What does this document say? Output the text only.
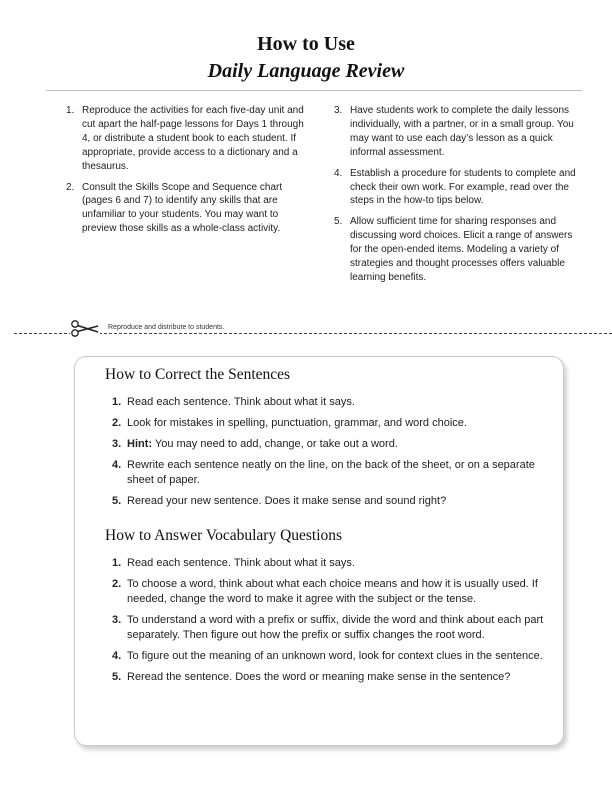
How to Use
Daily Language Review
1. Reproduce the activities for each five-day unit and cut apart the half-page lessons for Days 1 through 4, or distribute a student book to each student. If appropriate, provide access to a dictionary and a thesaurus.
2. Consult the Skills Scope and Sequence chart (pages 6 and 7) to identify any skills that are unfamiliar to your students. You may want to preview those skills as a whole-class activity.
3. Have students work to complete the daily lessons individually, with a partner, or in a small group. You may want to use each day’s lesson as a quick informal assessment.
4. Establish a procedure for students to complete and check their own work. For example, read over the steps in the how-to tips below.
5. Allow sufficient time for sharing responses and discussing word choices. Elicit a range of answers for the open-ended items. Modeling a variety of strategies and thought processes offers valuable learning benefits.
Reproduce and distribute to students.
How to Correct the Sentences
1. Read each sentence. Think about what it says.
2. Look for mistakes in spelling, punctuation, grammar, and word choice.
3. Hint: You may need to add, change, or take out a word.
4. Rewrite each sentence neatly on the line, on the back of the sheet, or on a separate sheet of paper.
5. Reread your new sentence. Does it make sense and sound right?
How to Answer Vocabulary Questions
1. Read each sentence. Think about what it says.
2. To choose a word, think about what each choice means and how it is usually used. If needed, change the word to make it agree with the subject or the tense.
3. To understand a word with a prefix or suffix, divide the word and think about each part separately. Then figure out how the prefix or suffix changes the root word.
4. To figure out the meaning of an unknown word, look for context clues in the sentence.
5. Reread the sentence. Does the word or meaning make sense in the sentence?
